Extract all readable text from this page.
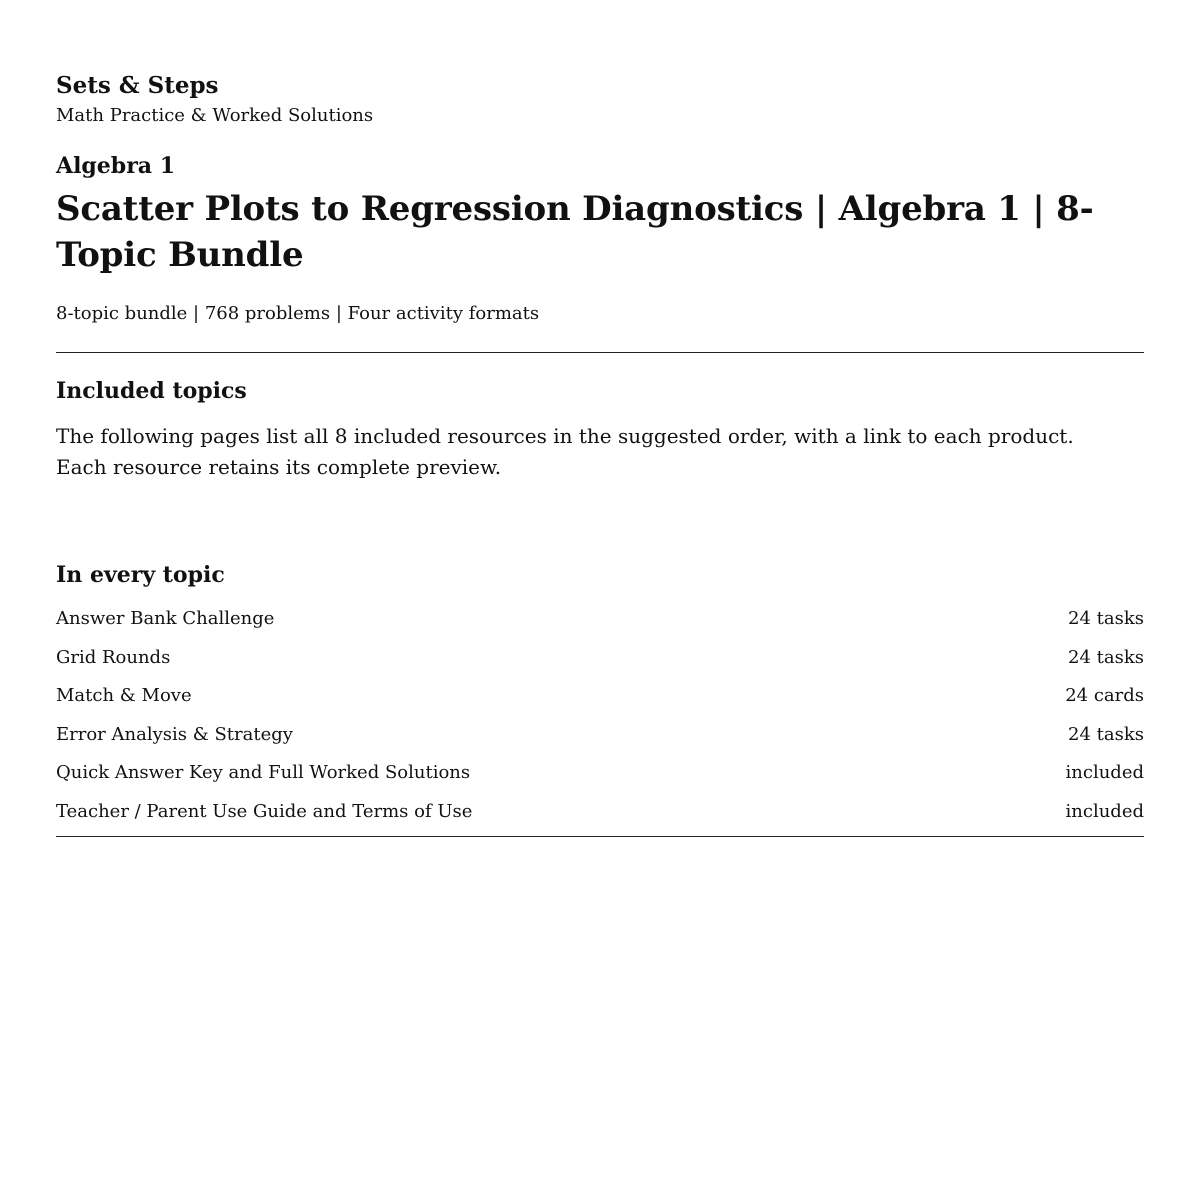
Sets & Steps

Math Practice & Worked Solutions

Algebra 1

Scatter Plots to Regression Diagnostics | Algebra 1 | 8-Topic Bundle

8-topic bundle | 768 problems | Four activity formats

Included topics

The following pages list all 8 included resources in the suggested order, with a link to each product. Each resource retains its complete preview.

In every topic
Answer Bank Challenge	24 tasks
Grid Rounds	24 tasks
Match & Move	24 cards
Error Analysis & Strategy	24 tasks
Quick Answer Key and Full Worked Solutions	included
Teacher / Parent Use Guide and Terms of Use	included
